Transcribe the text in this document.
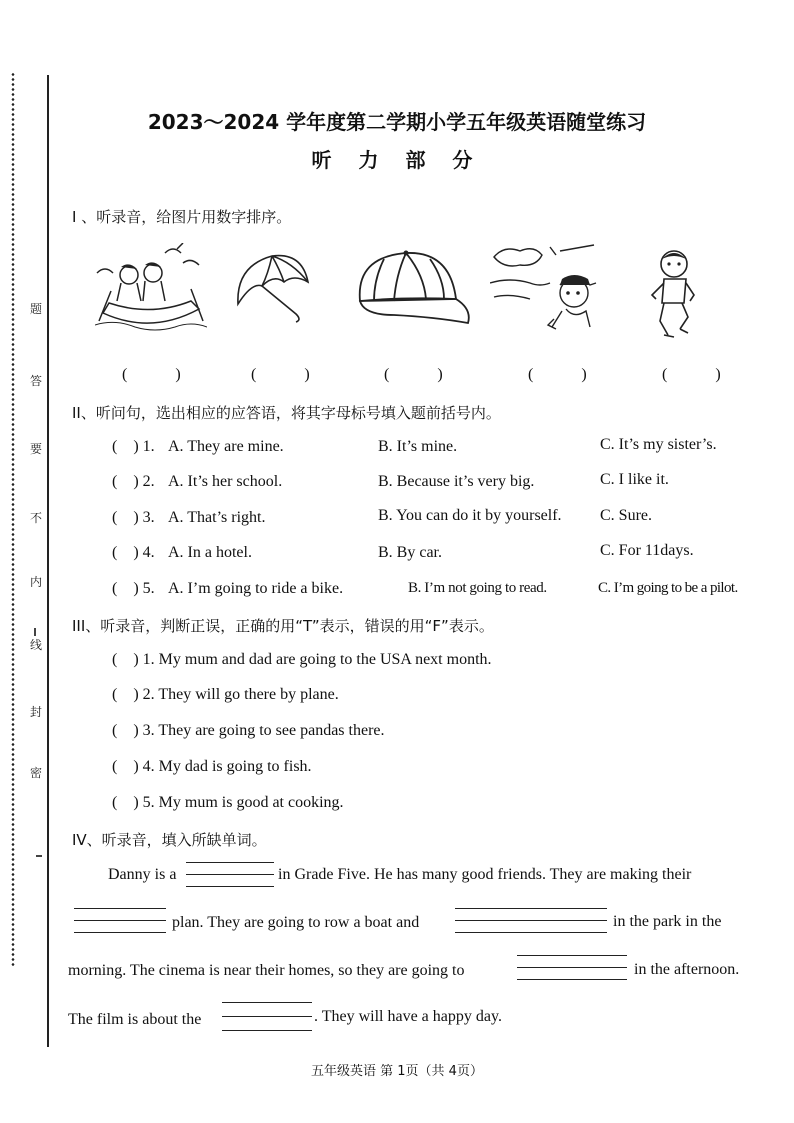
题
答
要
不
内
线
封
密
2023～2024 学年度第二学期小学五年级英语随堂练习
听 力 部 分
I 、听录音，给图片用数字排序。
( )	( )	( )	( )	( )
II、听问句，选出相应的应答语，将其字母标号填入题前括号内。
(    ) 1. A. They are mine.	B. It’s mine.	C. It’s my sister’s.
(    ) 2. A. It’s her school.	B. Because it’s very big.	C. I like it.
(    ) 3. A. That’s right.	B. You can do it by yourself. C. Sure.
(    ) 4. A. In a hotel.	B. By car.	C. For 11days.
(    ) 5. A. I’m going to ride a bike.	B. I’m not going to read.	C. I’m going to be a pilot.
III、听录音，判断正误，正确的用“T”表示，错误的用“F”表示。
(    ) 1. My mum and dad are going to the USA next month.
(    ) 2. They will go there by plane.
(    ) 3. They are going to see pandas there.
(    ) 4. My dad is going to fish.
(    ) 5. My mum is good at cooking.
IV、听录音，填入所缺单词。
Danny is a	in Grade Five. He has many good friends. They are making their
plan. They are going to row a boat and	in the park in the
morning. The cinema is near their homes, so they are going to	in the afternoon.
The film is about the	. They will have a happy day.
五年级英语 第 1页（共 4页）
